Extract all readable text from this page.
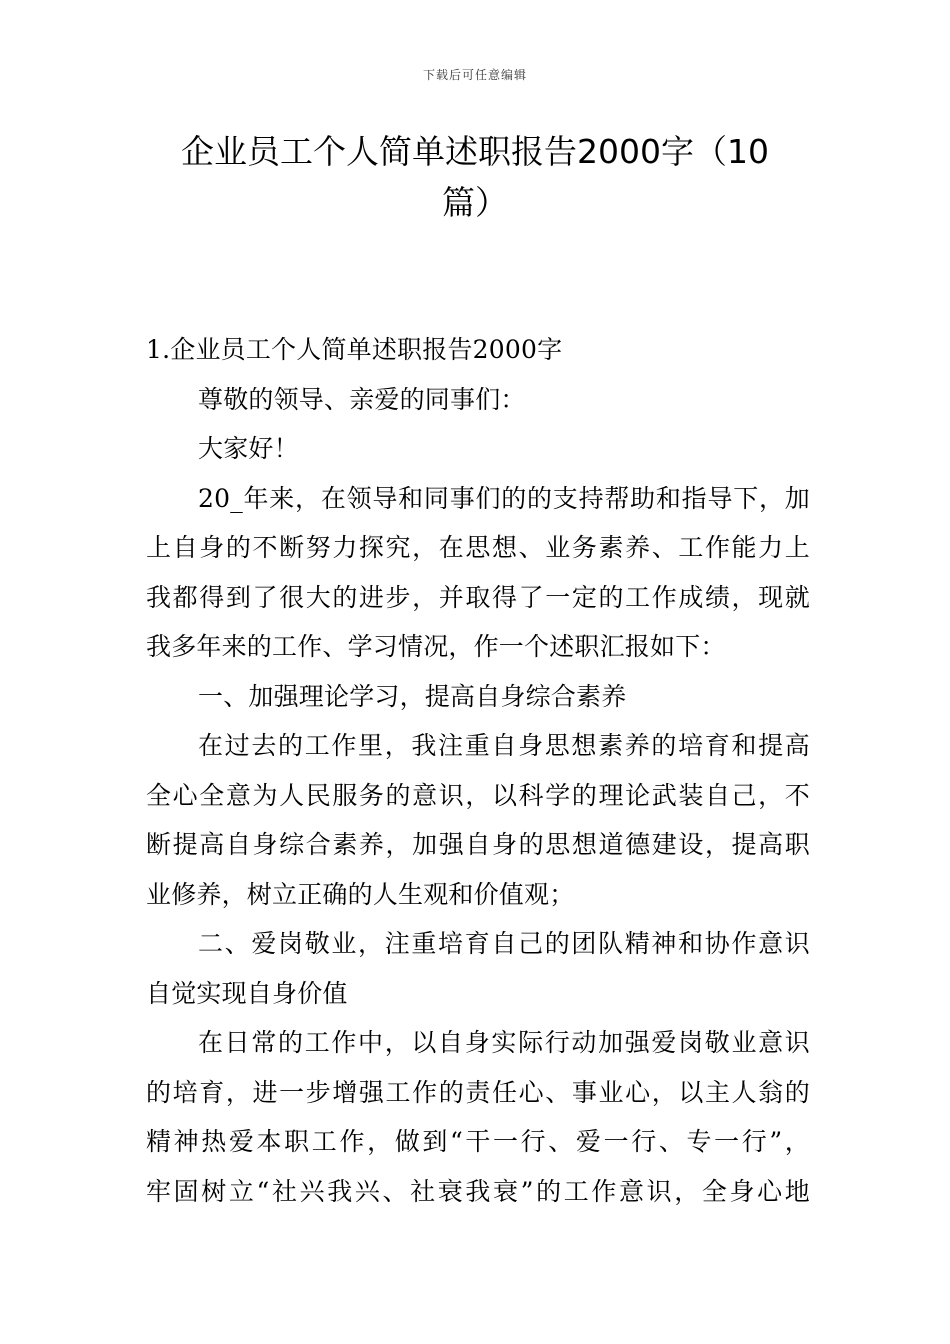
下载后可任意编辑
企业员工个人简单述职报告2000字（10
篇）
1.企业员工个人简单述职报告2000字
尊敬的领导、亲爱的同事们：
大家好！
20_年来，在领导和同事们的的支持帮助和指导下，加
上自身的不断努力探究，在思想、业务素养、工作能力上
我都得到了很大的进步，并取得了一定的工作成绩，现就
我多年来的工作、学习情况，作一个述职汇报如下：
一、加强理论学习，提高自身综合素养
在过去的工作里，我注重自身思想素养的培育和提高
全心全意为人民服务的意识，以科学的理论武装自己，不
断提高自身综合素养，加强自身的思想道德建设，提高职
业修养，树立正确的人生观和价值观；
二、爱岗敬业，注重培育自己的团队精神和协作意识
自觉实现自身价值
在日常的工作中，以自身实际行动加强爱岗敬业意识
的培育，进一步增强工作的责任心、事业心，以主人翁的
精神热爱本职工作，做到“干一行、爱一行、专一行”，
牢固树立“社兴我兴、社衰我衰”的工作意识，全身心地
